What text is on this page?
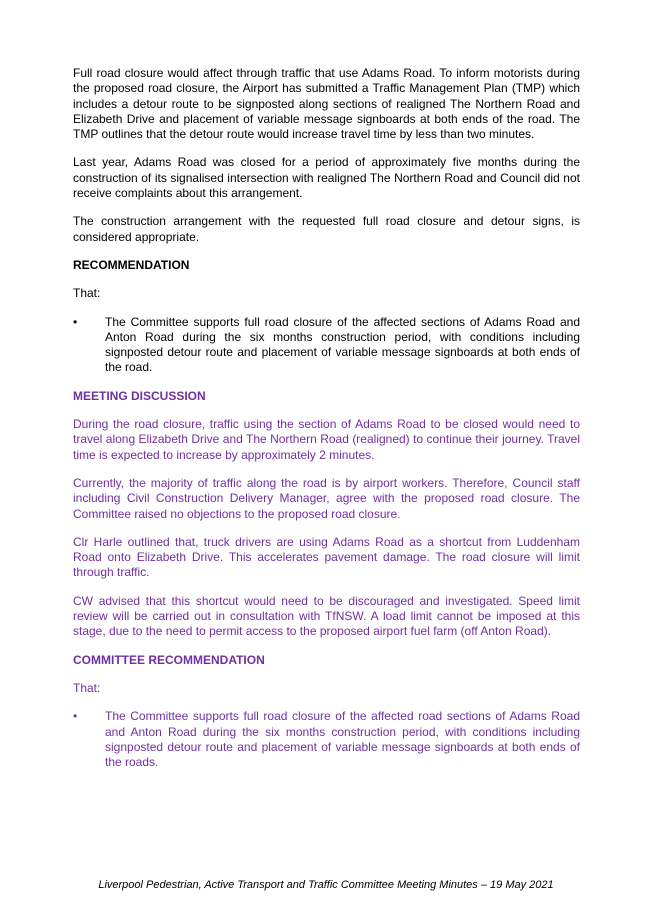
Full road closure would affect through traffic that use Adams Road. To inform motorists during the proposed road closure, the Airport has submitted a Traffic Management Plan (TMP) which includes a detour route to be signposted along sections of realigned The Northern Road and Elizabeth Drive and placement of variable message signboards at both ends of the road. The TMP outlines that the detour route would increase travel time by less than two minutes.

Last year, Adams Road was closed for a period of approximately five months during the construction of its signalised intersection with realigned The Northern Road and Council did not receive complaints about this arrangement.

The construction arrangement with the requested full road closure and detour signs, is considered appropriate.

RECOMMENDATION

That:

• The Committee supports full road closure of the affected sections of Adams Road and Anton Road during the six months construction period, with conditions including signposted detour route and placement of variable message signboards at both ends of the road.
MEETING DISCUSSION

During the road closure, traffic using the section of Adams Road to be closed would need to travel along Elizabeth Drive and The Northern Road (realigned) to continue their journey. Travel time is expected to increase by approximately 2 minutes.

Currently, the majority of traffic along the road is by airport workers. Therefore, Council staff including Civil Construction Delivery Manager, agree with the proposed road closure. The Committee raised no objections to the proposed road closure.

Clr Harle outlined that, truck drivers are using Adams Road as a shortcut from Luddenham Road onto Elizabeth Drive. This accelerates pavement damage. The road closure will limit through traffic.

CW advised that this shortcut would need to be discouraged and investigated. Speed limit review will be carried out in consultation with TfNSW. A load limit cannot be imposed at this stage, due to the need to permit access to the proposed airport fuel farm (off Anton Road).

COMMITTEE RECOMMENDATION

That:

• The Committee supports full road closure of the affected road sections of Adams Road and Anton Road during the six months construction period, with conditions including signposted detour route and placement of variable message signboards at both ends of the roads.
Liverpool Pedestrian, Active Transport and Traffic Committee Meeting Minutes – 19 May 2021
